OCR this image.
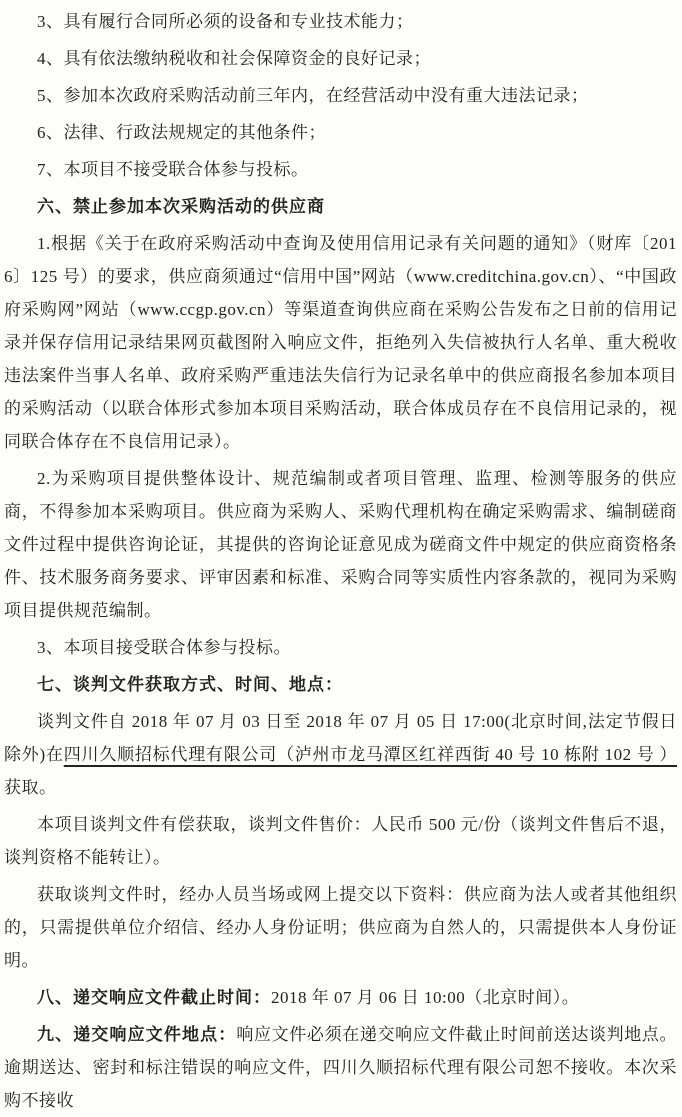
3、具有履行合同所必须的设备和专业技术能力；

4、具有依法缴纳税收和社会保障资金的良好记录；

5、参加本次政府采购活动前三年内，在经营活动中没有重大违法记录；

6、法律、行政法规规定的其他条件；

7、本项目不接受联合体参与投标。

六、禁止参加本次采购活动的供应商

1.根据《关于在政府采购活动中查询及使用信用记录有关问题的通知》（财库〔2016〕125 号）的要求，供应商须通过“信用中国”网站（www.creditchina.gov.cn）、“中国政府采购网”网站（www.ccgp.gov.cn）等渠道查询供应商在采购公告发布之日前的信用记录并保存信用记录结果网页截图附入响应文件，拒绝列入失信被执行人名单、重大税收违法案件当事人名单、政府采购严重违法失信行为记录名单中的供应商报名参加本项目的采购活动（以联合体形式参加本项目采购活动，联合体成员存在不良信用记录的，视同联合体存在不良信用记录）。

2.为采购项目提供整体设计、规范编制或者项目管理、监理、检测等服务的供应商，不得参加本采购项目。供应商为采购人、采购代理机构在确定采购需求、编制磋商文件过程中提供咨询论证，其提供的咨询论证意见成为磋商文件中规定的供应商资格条件、技术服务商务要求、评审因素和标准、采购合同等实质性内容条款的，视同为采购项目提供规范编制。

3、本项目接受联合体参与投标。

七、谈判文件获取方式、时间、地点：

谈判文件自 2018 年 07 月 03 日至 2018 年 07 月 05 日 17:00(北京时间,法定节假日除外)在四川久顺招标代理有限公司（泸州市龙马潭区红祥西街 40 号 10 栋附 102 号 ）获取。

本项目谈判文件有偿获取，谈判文件售价：人民币 500 元/份（谈判文件售后不退，谈判资格不能转让）。

获取谈判文件时，经办人员当场或网上提交以下资料：供应商为法人或者其他组织的，只需提供单位介绍信、经办人身份证明；供应商为自然人的，只需提供本人身份证明。

八、递交响应文件截止时间：2018 年 07 月 06 日 10:00（北京时间）。

九、递交响应文件地点：响应文件必须在递交响应文件截止时间前送达谈判地点。逾期送达、密封和标注错误的响应文件，四川久顺招标代理有限公司恕不接收。本次采购不接收
